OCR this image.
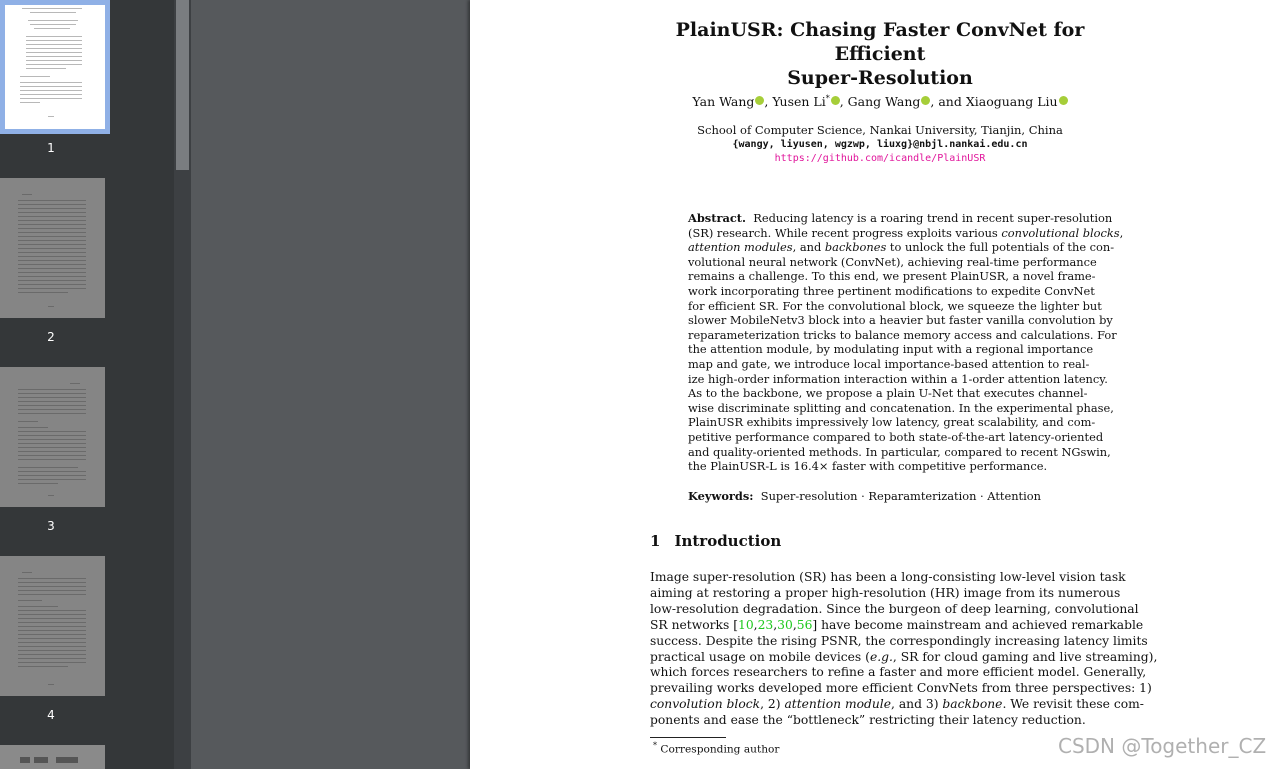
1
2
3
4
PlainUSR: Chasing Faster ConvNet for Efficient
Super-Resolution
Yan Wang , Yusen Li* , Gang Wang , and Xiaoguang Liu
School of Computer Science, Nankai University, Tianjin, China
{wangy, liyusen, wgzwp, liuxg}@nbjl.nankai.edu.cn
https://github.com/icandle/PlainUSR
Abstract. Reducing latency is a roaring trend in recent super-resolution
(SR) research. While recent progress exploits various convolutional blocks,
attention modules, and backbones to unlock the full potentials of the con-
volutional neural network (ConvNet), achieving real-time performance
remains a challenge. To this end, we present PlainUSR, a novel frame-
work incorporating three pertinent modifications to expedite ConvNet
for efficient SR. For the convolutional block, we squeeze the lighter but
slower MobileNetv3 block into a heavier but faster vanilla convolution by
reparameterization tricks to balance memory access and calculations. For
the attention module, by modulating input with a regional importance
map and gate, we introduce local importance-based attention to real-
ize high-order information interaction within a 1-order attention latency.
As to the backbone, we propose a plain U-Net that executes channel-
wise discriminate splitting and concatenation. In the experimental phase,
PlainUSR exhibits impressively low latency, great scalability, and com-
petitive performance compared to both state-of-the-art latency-oriented
and quality-oriented methods. In particular, compared to recent NGswin,
the PlainUSR-L is 16.4× faster with competitive performance.
Keywords: Super-resolution · Reparamterization · Attention
1 Introduction
Image super-resolution (SR) has been a long-consisting low-level vision task
aiming at restoring a proper high-resolution (HR) image from its numerous
low-resolution degradation. Since the burgeon of deep learning, convolutional
SR networks [10,23,30,56] have become mainstream and achieved remarkable
success. Despite the rising PSNR, the correspondingly increasing latency limits
practical usage on mobile devices (e.g., SR for cloud gaming and live streaming),
which forces researchers to refine a faster and more efficient model. Generally,
prevailing works developed more efficient ConvNets from three perspectives: 1)
convolution block, 2) attention module, and 3) backbone. We revisit these com-
ponents and ease the “bottleneck” restricting their latency reduction.
* Corresponding author	CSDN @Together_CZ
